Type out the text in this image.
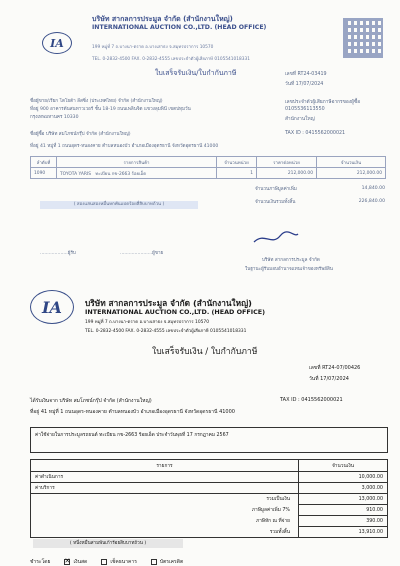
IA
บริษัท สากลการประมูล จำกัด (สำนักงานใหญ่)
INTERNATIONAL AUCTION CO.,LTD. (HEAD OFFICE)
199 หมู่ที่ 7 ถ.บางนา-ตราด อ.บางเสาธง จ.สมุทรปราการ 10570
TEL. 0-2832-4500 FAX. 0-2832-4555 เลขประจำตัวผู้เสียภาษี 0105541018331
ใบเสร็จรับเงิน/ใบกำกับภาษี	เลขที่ RT24-03419
วันที่ 17/07/2024
ชื่อผู้ขาย/เรียก โตโยต้า ลีสซิ่ง (ประเทศไทย) จำกัด (สำนักงานใหญ่)
ที่อยู่ 900 อาคารต้นสนทาวเวอร์ ชั้น 18-19 ถนนเพลินจิต แขวงลุมพินี เขตปทุมวัน
กรุงเทพมหานคร 10330
เลขประจำตัวผู้เสียภาษีอากรของผู้ซื้อ
0105536113550
สำนักงานใหญ่
ชื่อผู้ซื้อ บริษัท สมโภชน์กรุ๊ป จำกัด (สำนักงานใหญ่)	TAX ID : 0415562000021
ที่อยู่ 41 หมู่ที่ 1 ถนนอุดร-หนองคาย ตำบลหนองบัว อำเภอเมืองอุดรธานี จังหวัดอุดรธานี 41000
ลำดับที่	รายการสินค้า	จำนวนหน่วย	ราคาต่อหน่วย	จำนวนเงิน
1090	TOYOTA YARIS ทะเบียน กข-2663 ร้อยเอ็ด	1	212,000.00	212,000.00
จำนวนภาษีมูลค่าเพิ่ม	14,840.00
จำนวนเงินรวมทั้งสิ้น	226,840.00
( สองแสนสองหมื่นหกพันแปดร้อยสี่สิบบาทถ้วน )
...................ผู้รับ	......................ผู้ขาย
บริษัท สากลการประมูล จำกัด
ในฐานะผู้รับมอบอำนาจแทนเจ้าของทรัพย์สิน
IA	บริษัท สากลการประมูล จำกัด (สำนักงานใหญ่)
INTERNATIONAL AUCTION CO.,LTD. (HEAD OFFICE)
199 หมู่ที่ 7 ถ.บางนา-ตราด อ.บางเสาธง จ.สมุทรปราการ 10570
TEL. 0-2832-4500 FAX. 0-2832-4555 เลขประจำตัวผู้เสียภาษี 0105541018331
ใบเสร็จรับเงิน / ใบกำกับภาษี
เลขที่ RT24-07/00426
วันที่ 17/07/2024
ได้รับเงินจาก บริษัท สมโภชน์กรุ๊ป จำกัด (สำนักงานใหญ่)	TAX ID : 0415562000021
ที่อยู่ 41 หมู่ที่ 1 ถนนอุดร-หนองคาย ตำบลหนองบัว อำเภอเมืองอุดรธานี จังหวัดอุดรธานี 41000
ค่าใช้จ่ายในการประมูลรถยนต์ ทะเบียน กข-2663 ร้อยเอ็ด ประจำวันพุธที่ 17 กรกฎาคม 2567
รายการ	จำนวนเงิน
ค่าดำเนินการ	10,000.00
ค่าบริการ	3,000.00
รวมเป็นเงิน	13,000.00
ภาษีมูลค่าเพิ่ม 7%	910.00
ภาษีหัก ณ ที่จ่าย	390.00
รวมทั้งสิ้น	13,910.00
( หนึ่งหมื่นสามพันเก้าร้อยสิบบาทถ้วน )
ชำระโดย ✕	เงินสด	เช็คธนาคาร	บัตรเครดิต
